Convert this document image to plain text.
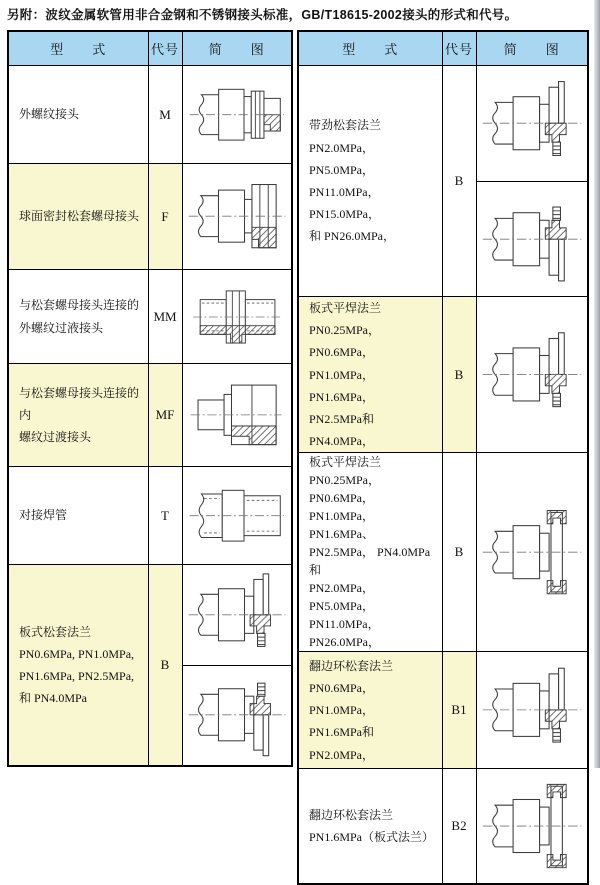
另附：波纹金属软管用非合金钢和不锈钢接头标准，GB/T18615-2002接头的形式和代号。
型　　式	代号	简　　图

外螺纹接头	M	

球面密封松套螺母接头	F	

与松套螺母接头连接的
外螺纹过液接头	MM	

与松套螺母接头连接的内
螺纹过渡接头	MF	

对接焊管	T	

板式松套法兰
PN0.6MPa, PN1.0MPa,
PN1.6MPa, PN2.5MPa,
和 PN4.0MPa	B	
型　　式	代号	简　　图

带劲松套法兰
PN2.0MPa， PN5.0MPa，
PN11.0MPa， PN15.0MPa，
和 PN26.0MPa，	B	

板式平焊法兰
PN0.25MPa， PN0.6MPa，
PN1.0MPa， PN1.6MPa，
PN2.5MPa和PN4.0MPa，	B	

板式平焊法兰
PN0.25MPa， PN0.6MPa，
PN1.0MPa， PN1.6MPa、
PN2.5MPa， PN4.0MPa 和
PN2.0MPa， PN5.0MPa，
PN11.0MPa， PN26.0MPa，
	B	

翻边环松套法兰
PN0.6MPa， PN1.0MPa，
PN1.6MPa和PN2.0MPa，	B1	

翻边环松套法兰
PN1.6MPa（板式法兰）	B2	
